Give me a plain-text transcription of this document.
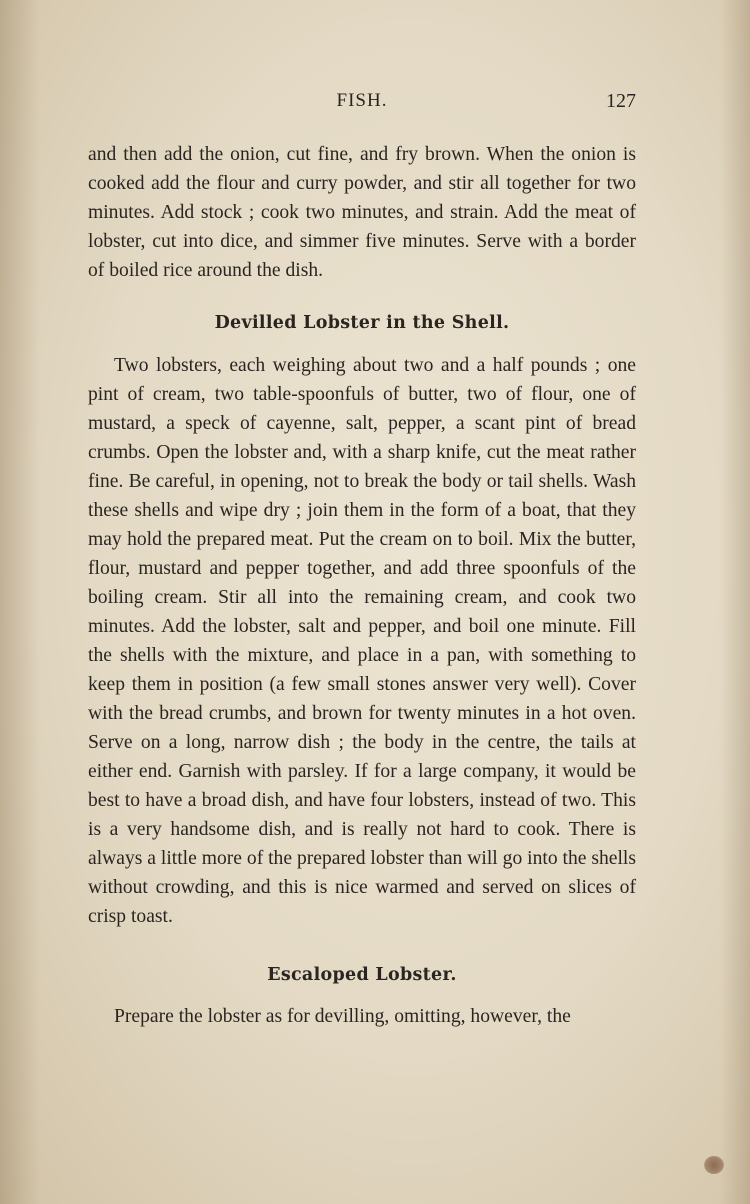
FISH.	127

and then add the onion, cut fine, and fry brown. When the onion is cooked add the flour and curry powder, and stir all together for two minutes. Add stock ; cook two minutes, and strain. Add the meat of lobster, cut into dice, and simmer five minutes. Serve with a border of boiled rice around the dish.

Devilled Lobster in the Shell.

Two lobsters, each weighing about two and a half pounds ; one pint of cream, two table-spoonfuls of butter, two of flour, one of mustard, a speck of cayenne, salt, pepper, a scant pint of bread crumbs. Open the lobster and, with a sharp knife, cut the meat rather fine. Be careful, in opening, not to break the body or tail shells. Wash these shells and wipe dry ; join them in the form of a boat, that they may hold the prepared meat. Put the cream on to boil. Mix the butter, flour, mustard and pepper together, and add three spoonfuls of the boiling cream. Stir all into the remaining cream, and cook two minutes. Add the lobster, salt and pepper, and boil one minute. Fill the shells with the mixture, and place in a pan, with something to keep them in position (a few small stones answer very well). Cover with the bread crumbs, and brown for twenty minutes in a hot oven. Serve on a long, narrow dish ; the body in the centre, the tails at either end. Garnish with parsley. If for a large company, it would be best to have a broad dish, and have four lobsters, instead of two. This is a very handsome dish, and is really not hard to cook. There is always a little more of the prepared lobster than will go into the shells without crowding, and this is nice warmed and served on slices of crisp toast.

Escaloped Lobster.

Prepare the lobster as for devilling, omitting, however, the
